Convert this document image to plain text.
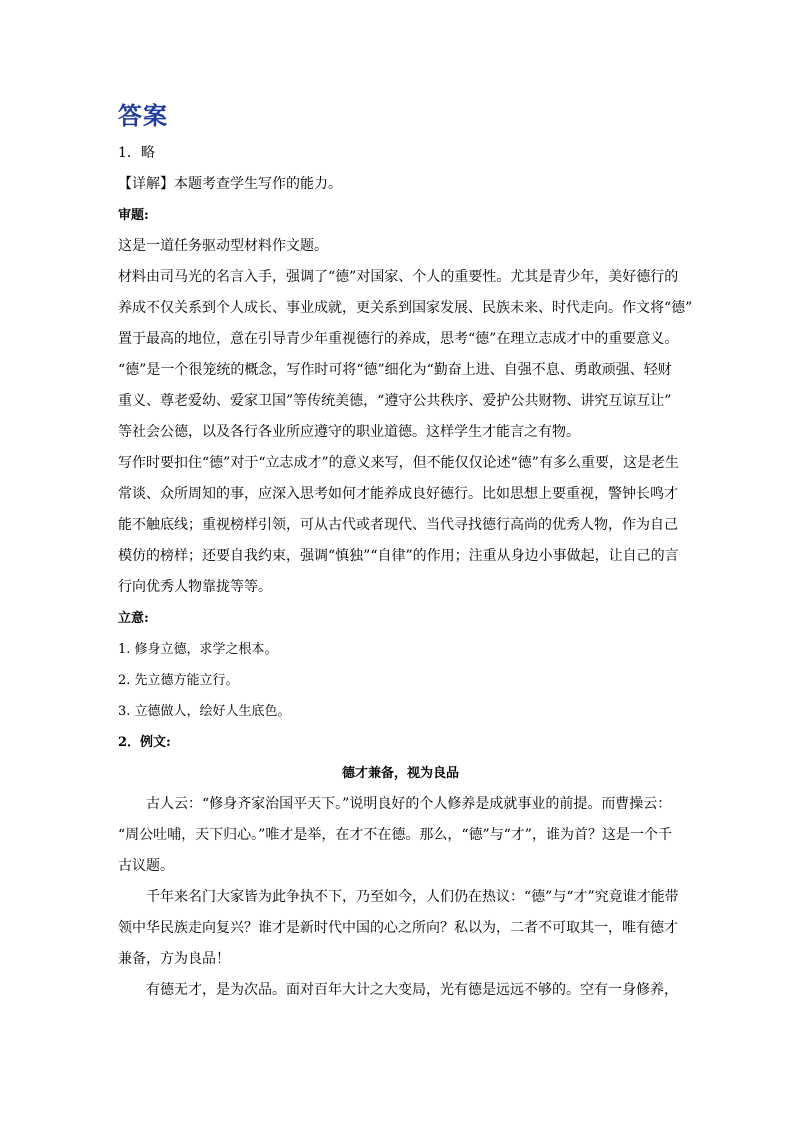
答案
1．略
【详解】本题考查学生写作的能力。
审题:
这是一道任务驱动型材料作文题。
材料由司马光的名言入手，强调了“德”对国家、个人的重要性。尤其是青少年，美好德行的
养成不仅关系到个人成长、事业成就，更关系到国家发展、民族未来、时代走向。作文将“德”
置于最高的地位，意在引导青少年重视德行的养成，思考“德”在理立志成才中的重要意义。
“德”是一个很笼统的概念，写作时可将“德”细化为“勤奋上进、自强不息、勇敢顽强、轻财
重义、尊老爱幼、爱家卫国”等传统美德，“遵守公共秩序、爱护公共财物、讲究互谅互让”
等社会公德，以及各行各业所应遵守的职业道德。这样学生才能言之有物。
写作时要扣住“德”对于“立志成才”的意义来写，但不能仅仅论述“德”有多么重要，这是老生
常谈、众所周知的事，应深入思考如何才能养成良好德行。比如思想上要重视，警钟长鸣才
能不触底线；重视榜样引领，可从古代或者现代、当代寻找德行高尚的优秀人物，作为自己
模仿的榜样；还要自我约束，强调“慎独”“自律”的作用；注重从身边小事做起，让自己的言
行向优秀人物靠拢等等。
立意:
1. 修身立德，求学之根本。
2. 先立德方能立行。
3. 立德做人，绘好人生底色。
2．例文:
德才兼备，视为良品
古人云：“修身齐家治国平天下。”说明良好的个人修养是成就事业的前提。而曹操云：
“周公吐哺，天下归心。”唯才是举，在才不在德。那么，“德”与“才”，谁为首？这是一个千
古议题。
千年来名门大家皆为此争执不下，乃至如今，人们仍在热议：“德”与“才”究竟谁才能带
领中华民族走向复兴？谁才是新时代中国的心之所向？私以为，二者不可取其一，唯有德才
兼备，方为良品！
有德无才，是为次品。面对百年大计之大变局，光有德是远远不够的。空有一身修养，
